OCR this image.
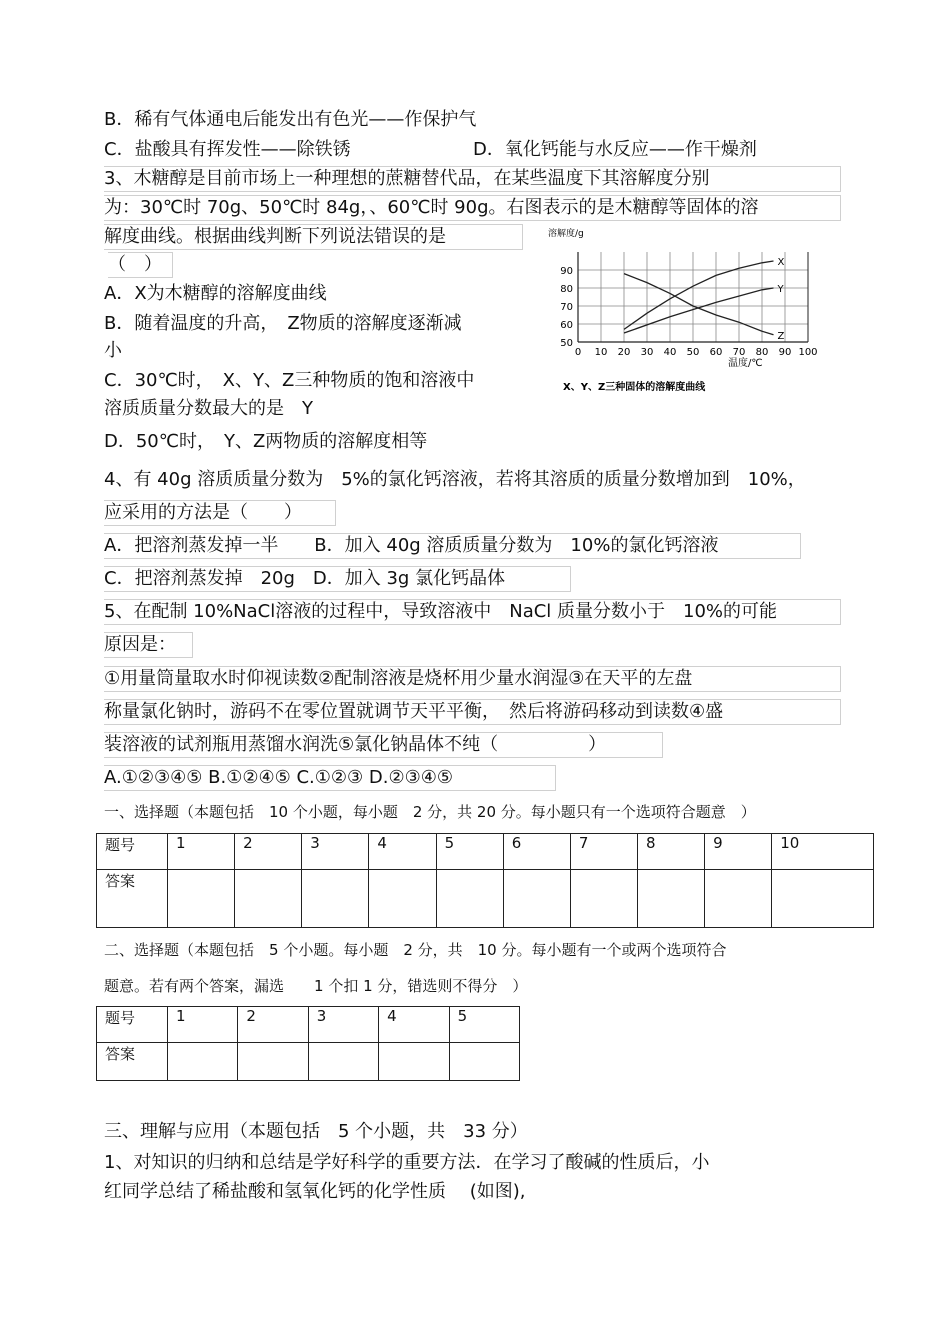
B．稀有气体通电后能发出有色光——作保护气
C．盐酸具有挥发性——除铁锈	D．氧化钙能与水反应——作干燥剂
3、木糖醇是目前市场上一种理想的蔗糖替代品，在某些温度下其溶解度分别
为：30℃时 70g、50℃时 84g，、60℃时 90g。右图表示的是木糖醇等固体的溶
解度曲线。根据曲线判断下列说法错误的是
（　）
A．X为木糖醇的溶解度曲线
B．随着温度的升高，　Z物质的溶解度逐渐减
小
C．30℃时，　X、Y、Z三种物质的饱和溶液中
溶质质量分数最大的是　Y
D．50℃时，　Y、Z两物质的溶解度相等
0 10 20 30 40 50 60 70 80 90 100
50
60
70
80
90
X
Y
Z
溶解度/g
温度/℃
X、Y、Z三种固体的溶解度曲线
4、有 40g 溶质质量分数为　5%的氯化钙溶液，若将其溶质的质量分数增加到　10%，
应采用的方法是（　　）
A．把溶剂蒸发掉一半　　B．加入 40g 溶质质量分数为　10%的氯化钙溶液
C．把溶剂蒸发掉　20g　D．加入 3g 氯化钙晶体
5、在配制 10%NaCl溶液的过程中，导致溶液中　NaCl 质量分数小于　10%的可能
原因是：
①用量筒量取水时仰视读数②配制溶液是烧杯用少量水润湿③在天平的左盘
称量氯化钠时，游码不在零位置就调节天平平衡，　然后将游码移动到读数④盛
装溶液的试剂瓶用蒸馏水润洗⑤氯化钠晶体不纯（　　　　　）
A.①②③④⑤ B.①②④⑤ C.①②③ D.②③④⑤
一、选择题（本题包括　10 个小题，每小题　2 分，共 20 分。每小题只有一个选项符合题意　）
题号	1	2	3	4	5	6	7	8	9	10
答案										
二、选择题（本题包括　5 个小题。每小题　2 分，共　10 分。每小题有一个或两个选项符合
题意。若有两个答案，漏选　　1 个扣 1 分，错选则不得分　）
题号	1	2	3	4	5
答案					
三、理解与应用（本题包括　5 个小题，共　33 分）
1、对知识的归纳和总结是学好科学的重要方法．在学习了酸碱的性质后，小
红同学总结了稀盐酸和氢氧化钙的化学性质　 (如图),
